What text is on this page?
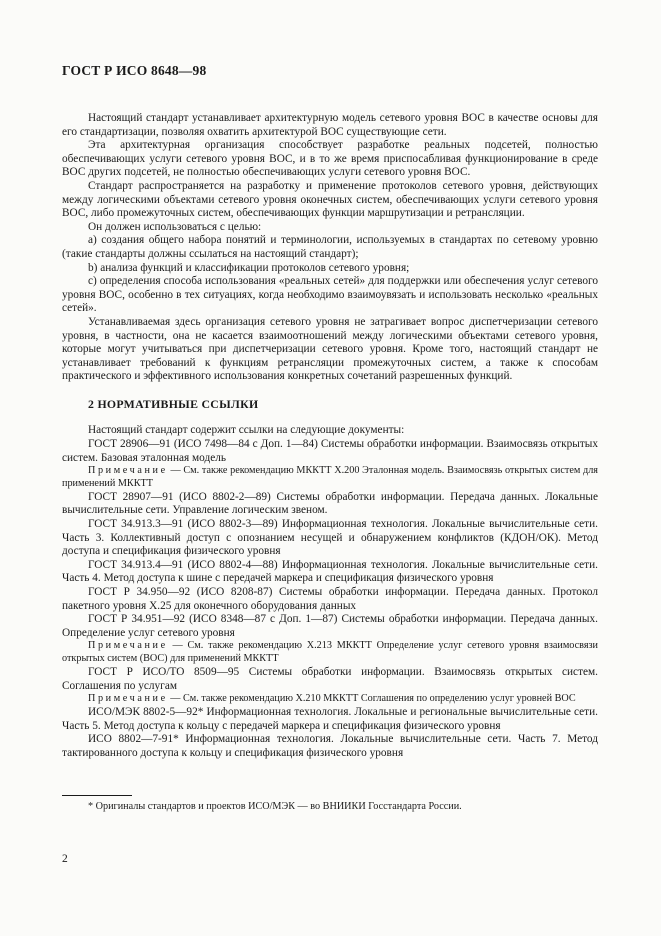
ГОСТ Р ИСО 8648—98

Настоящий стандарт устанавливает архитектурную модель сетевого уровня ВОС в качестве основы для его стандартизации, позволяя охватить архитектурой ВОС существующие сети.

Эта архитектурная организация способствует разработке реальных подсетей, полностью обеспечивающих услуги сетевого уровня ВОС, и в то же время приспосабливая функционирование в среде ВОС других подсетей, не полностью обеспечивающих услуги сетевого уровня ВОС.

Стандарт распространяется на разработку и применение протоколов сетевого уровня, действующих между логическими объектами сетевого уровня оконечных систем, обеспечивающих услуги сетевого уровня ВОС, либо промежуточных систем, обеспечивающих функции маршрутизации и ретрансляции.

Он должен использоваться с целью:

а) создания общего набора понятий и терминологии, используемых в стандартах по сетевому уровню (такие стандарты должны ссылаться на настоящий стандарт);

b) анализа функций и классификации протоколов сетевого уровня;

с) определения способа использования «реальных сетей» для поддержки или обеспечения услуг сетевого уровня ВОС, особенно в тех ситуациях, когда необходимо взаимоувязать и использовать несколько «реальных сетей».

Устанавливаемая здесь организация сетевого уровня не затрагивает вопрос диспетчеризации сетевого уровня, в частности, она не касается взаимоотношений между логическими объектами сетевого уровня, которые могут учитываться при диспетчеризации сетевого уровня. Кроме того, настоящий стандарт не устанавливает требований к функциям ретрансляции промежуточных систем, а также к способам практического и эффективного использования конкретных сочетаний разрешенных функций.

2 НОРМАТИВНЫЕ ССЫЛКИ

Настоящий стандарт содержит ссылки на следующие документы:

ГОСТ 28906—91 (ИСО 7498—84 с Доп. 1—84) Системы обработки информации. Взаимосвязь открытых систем. Базовая эталонная модель

Примечание — См. также рекомендацию МККТТ Х.200 Эталонная модель. Взаимосвязь открытых систем для применений МККТТ

ГОСТ 28907—91 (ИСО 8802-2—89) Системы обработки информации. Передача данных. Локальные вычислительные сети. Управление логическим звеном.

ГОСТ 34.913.3—91 (ИСО 8802-3—89) Информационная технология. Локальные вычислительные сети. Часть 3. Коллективный доступ с опознанием несущей и обнаружением конфликтов (КДОН/ОК). Метод доступа и спецификация физического уровня

ГОСТ 34.913.4—91 (ИСО 8802-4—88) Информационная технология. Локальные вычислительные сети. Часть 4. Метод доступа к шине с передачей маркера и спецификация физического уровня

ГОСТ Р 34.950—92 (ИСО 8208-87) Системы обработки информации. Передача данных. Протокол пакетного уровня Х.25 для оконечного оборудования данных

ГОСТ Р 34.951—92 (ИСО 8348—87 с Доп. 1—87) Системы обработки информации. Передача данных. Определение услуг сетевого уровня

Примечание — См. также рекомендацию Х.213 МККТТ Определение услуг сетевого уровня взаимосвязи открытых систем (ВОС) для применений МККТТ

ГОСТ Р ИСО/ТО 8509—95 Системы обработки информации. Взаимосвязь открытых систем. Соглашения по услугам

Примечание — См. также рекомендацию Х.210 МККТТ Соглашения по определению услуг уровней ВОС

ИСО/МЭК 8802-5—92* Информационная технология. Локальные и региональные вычислительные сети. Часть 5. Метод доступа к кольцу с передачей маркера и спецификация физического уровня

ИСО 8802—7-91* Информационная технология. Локальные вычислительные сети. Часть 7. Метод тактированного доступа к кольцу и спецификация физического уровня

* Оригиналы стандартов и проектов ИСО/МЭК — во ВНИИКИ Госстандарта России.
2
